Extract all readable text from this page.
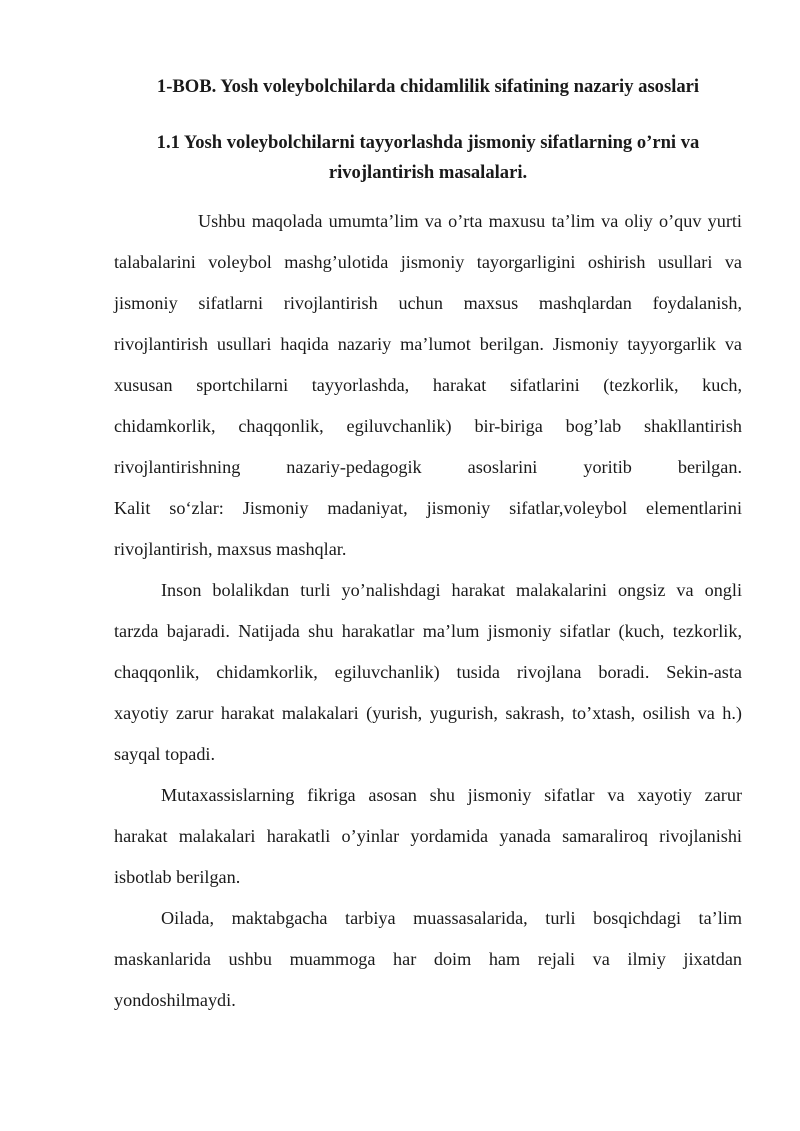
1-BOB. Yosh voleybolchilarda chidamlilik sifatining nazariy asoslari
1.1 Yosh voleybolchilarni tayyorlashda jismoniy sifatlarning o’rni va rivojlantirish masalalari.
Ushbu maqolada umumta’lim va o’rta maxusu ta’lim va oliy o’quv yurti
talabalarini voleybol mashg’ulotida jismoniy tayorgarligini oshirish usullari va
jismoniy sifatlarni rivojlantirish uchun maxsus mashqlardan foydalanish,
rivojlantirish usullari haqida nazariy ma’lumot berilgan. Jismoniy tayyorgarlik va
xususan sportchilarni tayyorlashda, harakat sifatlarini (tezkorlik, kuch,
chidamkorlik, chaqqonlik, egiluvchanlik) bir-biriga bog’lab shakllantirish
rivojlantirishning nazariy-pedagogik asoslarini yoritib berilgan.
Kalit so‘zlar: Jismoniy madaniyat, jismoniy sifatlar,voleybol elementlarini
rivojlantirish, maxsus mashqlar.
Inson bolalikdan turli yo’nalishdagi harakat malakalarini ongsiz va ongli
tarzda bajaradi. Natijada shu harakatlar ma’lum jismoniy sifatlar (kuch, tezkorlik,
chaqqonlik, chidamkorlik, egiluvchanlik) tusida rivojlana boradi. Sekin-asta
xayotiy zarur harakat malakalari (yurish, yugurish, sakrash, to’xtash, osilish va h.)
sayqal topadi.
Mutaxassislarning fikriga asosan shu jismoniy sifatlar va xayotiy zarur
harakat malakalari harakatli o’yinlar yordamida yanada samaraliroq rivojlanishi
isbotlab berilgan.
Oilada, maktabgacha tarbiya muassasalarida, turli bosqichdagi ta’lim
maskanlarida ushbu muammoga har doim ham rejali va ilmiy jixatdan
yondoshilmaydi.
